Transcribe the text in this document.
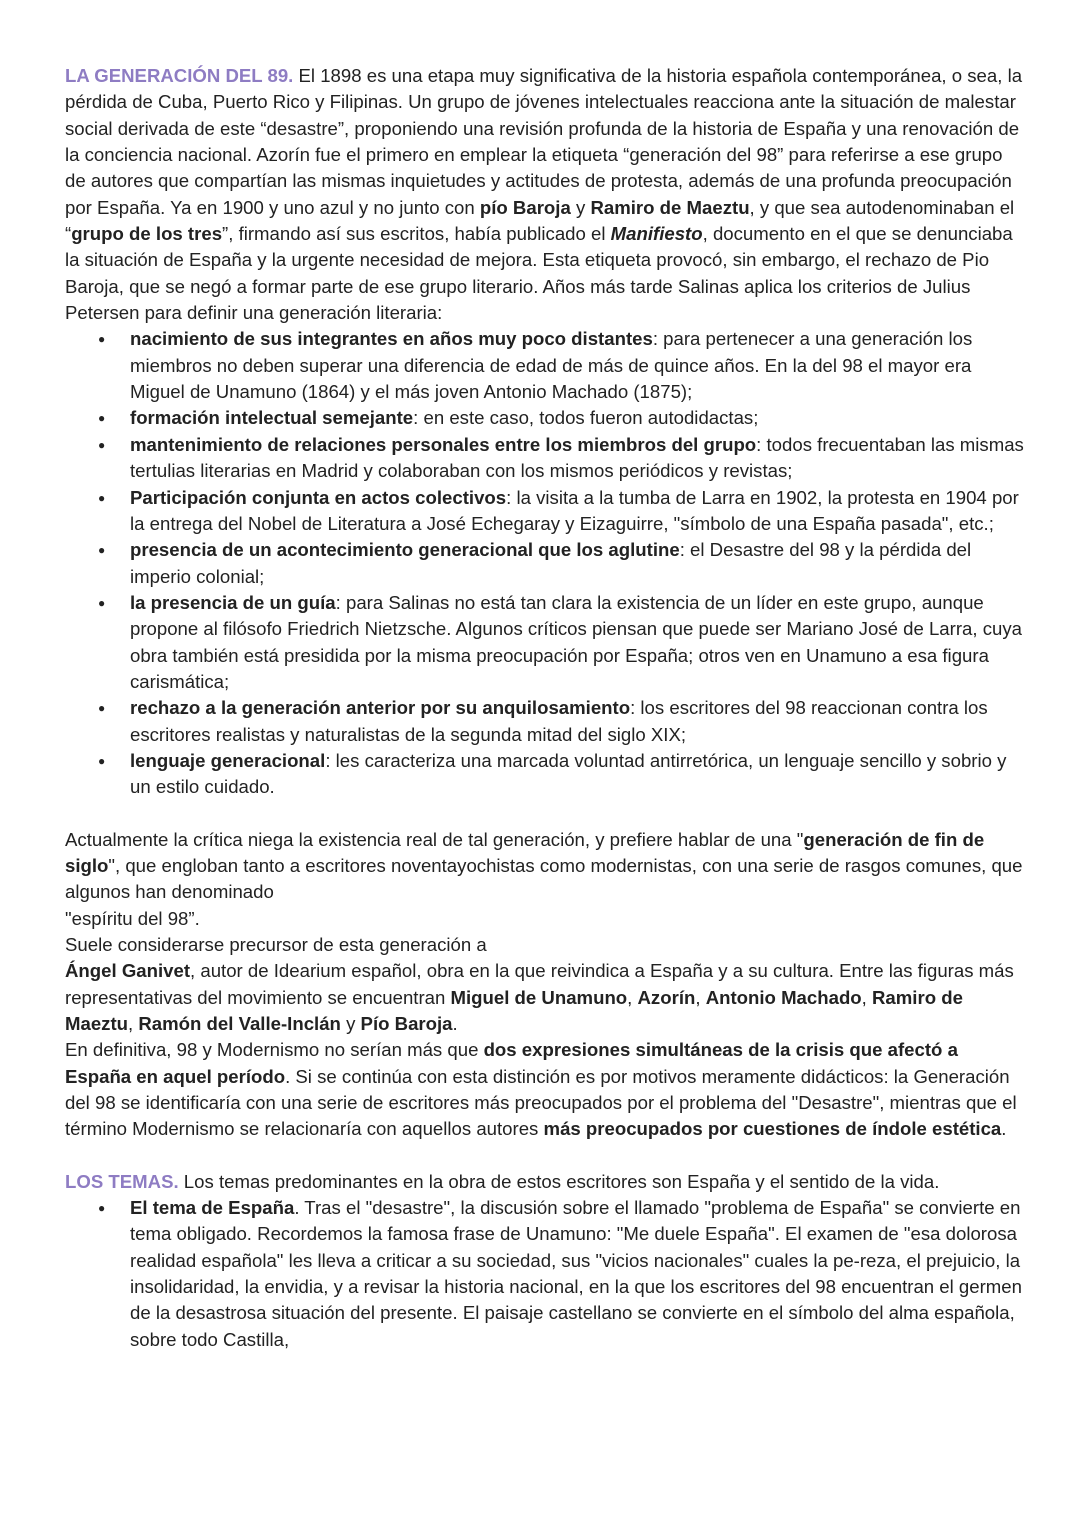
LA GENERACIÓN DEL 89. El 1898 es una etapa muy significativa de la historia española contemporánea, o sea, la pérdida de Cuba, Puerto Rico y Filipinas. Un grupo de jóvenes intelectuales reacciona ante la situación de malestar social derivada de este “desastre”, proponiendo una revisión profunda de la historia de España y una renovación de la conciencia nacional. Azorín fue el primero en emplear la etiqueta “generación del 98” para referirse a ese grupo de autores que compartían las mismas inquietudes y actitudes de protesta, además de una profunda preocupación por España. Ya en 1900 y uno azul y no junto con pío Baroja y Ramiro de Maeztu, y que sea autodenominaban el “grupo de los tres”, firmando así sus escritos, había publicado el Manifiesto, documento en el que se denunciaba la situación de España y la urgente necesidad de mejora. Esta etiqueta provocó, sin embargo, el rechazo de Pio Baroja, que se negó a formar parte de ese grupo literario. Años más tarde Salinas aplica los criterios de Julius Petersen para definir una generación literaria:

● nacimiento de sus integrantes en años muy poco distantes: para pertenecer a una generación los miembros no deben superar una diferencia de edad de más de quince años. En la del 98 el mayor era Miguel de Unamuno (1864) y el más joven Antonio Machado (1875);
● formación intelectual semejante: en este caso, todos fueron autodidactas;
● mantenimiento de relaciones personales entre los miembros del grupo: todos frecuentaban las mismas tertulias literarias en Madrid y colaboraban con los mismos periódicos y revistas;
● Participación conjunta en actos colectivos: la visita a la tumba de Larra en 1902, la protesta en 1904 por la entrega del Nobel de Literatura a José Echegaray y Eizaguirre, "símbolo de una España pasada", etc.;
● presencia de un acontecimiento generacional que los aglutine: el Desastre del 98 y la pérdida del imperio colonial;
● la presencia de un guía: para Salinas no está tan clara la existencia de un líder en este grupo, aunque propone al filósofo Friedrich Nietzsche. Algunos críticos piensan que puede ser Mariano José de Larra, cuya obra también está presidida por la misma preocupación por España; otros ven en Unamuno a esa figura carismática;
● rechazo a la generación anterior por su anquilosamiento: los escritores del 98 reaccionan contra los escritores realistas y naturalistas de la segunda mitad del siglo XIX;
● lenguaje generacional: les caracteriza una marcada voluntad antirretórica, un lenguaje sencillo y sobrio y un estilo cuidado.

Actualmente la crítica niega la existencia real de tal generación, y prefiere hablar de una "generación de fin de siglo", que engloban tanto a escritores noventayochistas como modernistas, con una serie de rasgos comunes, que algunos han denominado

"espíritu del 98”.

Suele considerarse precursor de esta generación a

Ángel Ganivet, autor de Idearium español, obra en la que reivindica a España y a su cultura. Entre las figuras más representativas del movimiento se encuentran Miguel de Unamuno, Azorín, Antonio Machado, Ramiro de Maeztu, Ramón del Valle-Inclán y Pío Baroja.

En definitiva, 98 y Modernismo no serían más que dos expresiones simultáneas de la crisis que afectó a España en aquel período. Si se continúa con esta distinción es por motivos meramente didácticos: la Generación del 98 se identificaría con una serie de escritores más preocupados por el problema del "Desastre", mientras que el término Modernismo se relacionaría con aquellos autores más preocupados por cuestiones de índole estética.

LOS TEMAS. Los temas predominantes en la obra de estos escritores son España y el sentido de la vida.

● El tema de España. Tras el "desastre", la discusión sobre el llamado "problema de España" se convierte en tema obligado. Recordemos la famosa frase de Unamuno: "Me duele España". El examen de "esa dolorosa realidad española" les lleva a criticar a su sociedad, sus "vicios nacionales" cuales la pe-reza, el prejuicio, la insolidaridad, la envidia, y a revisar la historia nacional, en la que los escritores del 98 encuentran el germen de la desastrosa situación del presente. El paisaje castellano se convierte en el símbolo del alma española, sobre todo Castilla,
